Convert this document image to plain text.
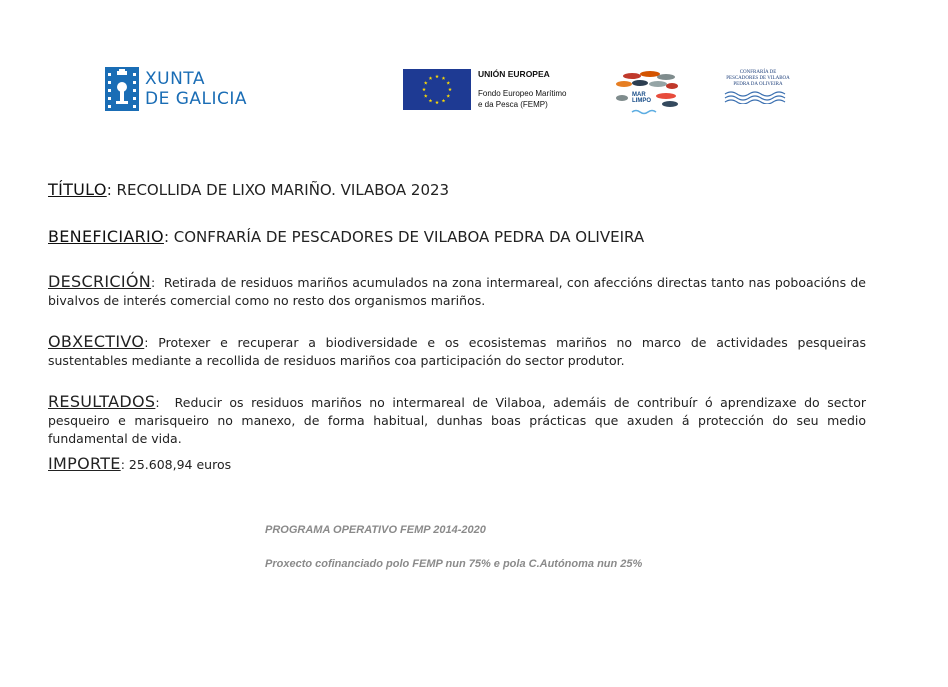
XUNTA
DE GALICIA
UNIÓN EUROPEA
Fondo Europeo Marítimo
e da Pesca (FEMP)
MAR
LIMPO
CONFRARÍA DE
PESCADORES DE VILABOA
PEDRA DA OLIVEIRA
TÍTULO: RECOLLIDA DE LIXO MARIÑO. VILABOA 2023
BENEFICIARIO: CONFRARÍA DE PESCADORES DE VILABOA PEDRA DA OLIVEIRA
DESCRICIÓN:  Retirada de residuos mariños acumulados na zona intermareal, con afeccións directas tanto nas poboacións de bivalvos de interés comercial como no resto dos organismos mariños.
OBXECTIVO: Protexer e recuperar a biodiversidade e os ecosistemas mariños no marco de actividades pesqueiras sustentables mediante a recollida de residuos mariños coa participación do sector produtor.
RESULTADOS:  Reducir os residuos mariños no intermareal de Vilaboa, ademáis de contribuír ó aprendizaxe do sector pesqueiro e marisqueiro no manexo, de forma habitual, dunhas boas prácticas que axuden á protección do seu medio fundamental de vida.
IMPORTE: 25.608,94 euros
PROGRAMA OPERATIVO FEMP 2014-2020
Proxecto cofinanciado polo FEMP nun 75% e pola C.Autónoma nun 25%
